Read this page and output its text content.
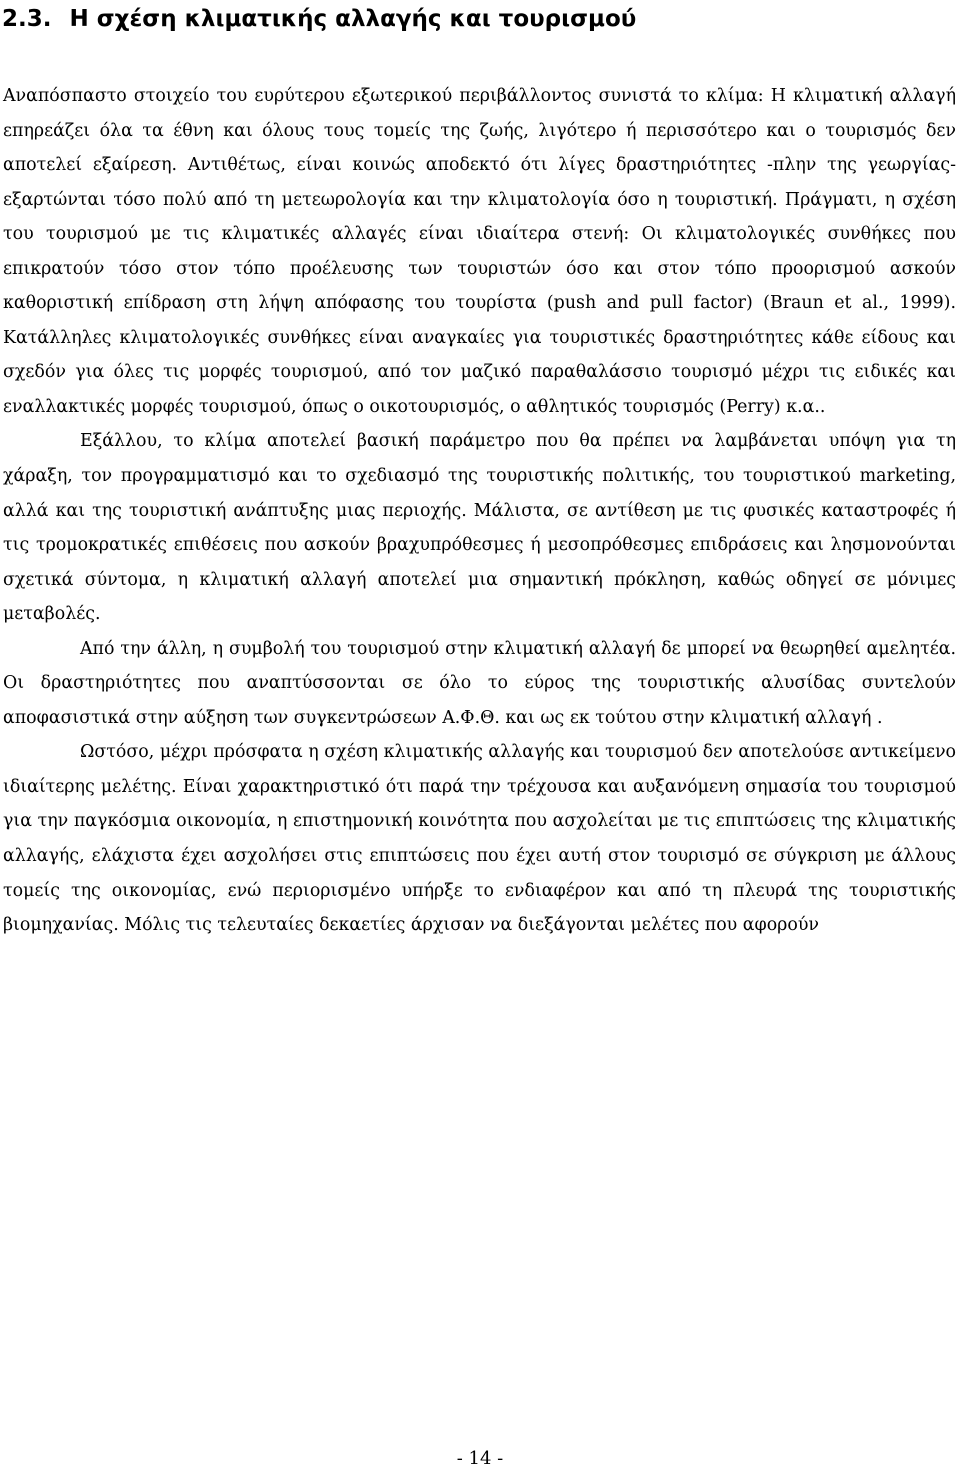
2.3. Η σχέση κλιματικής αλλαγής και τουρισμού

Αναπόσπαστο στοιχείο του ευρύτερου εξωτερικού περιβάλλοντος συνιστά το κλίμα: Η κλιματική αλλαγή επηρεάζει όλα τα έθνη και όλους τους τομείς της ζωής, λιγότερο ή περισσότερο και ο τουρισμός δεν αποτελεί εξαίρεση. Αντιθέτως, είναι κοινώς αποδεκτό ότι λίγες δραστηριότητες -πλην της γεωργίας- εξαρτώνται τόσο πολύ από τη μετεωρολογία και την κλιματολογία όσο η τουριστική. Πράγματι, η σχέση του τουρισμού με τις κλιματικές αλλαγές είναι ιδιαίτερα στενή: Οι κλιματολογικές συνθήκες που επικρατούν τόσο στον τόπο προέλευσης των τουριστών όσο και στον τόπο προορισμού ασκούν καθοριστική επίδραση στη λήψη απόφασης του τουρίστα (push and pull factor) (Braun et al., 1999). Κατάλληλες κλιματολογικές συνθήκες είναι αναγκαίες για τουριστικές δραστηριότητες κάθε είδους και σχεδόν για όλες τις μορφές τουρισμού, από τον μαζικό παραθαλάσσιο τουρισμό μέχρι τις ειδικές και εναλλακτικές μορφές τουρισμού, όπως ο οικοτουρισμός, ο αθλητικός τουρισμός (Perry) κ.α..

Εξάλλου, το κλίμα αποτελεί βασική παράμετρο που θα πρέπει να λαμβάνεται υπόψη για τη χάραξη, τον προγραμματισμό και το σχεδιασμό της τουριστικής πολιτικής, του τουριστικού marketing, αλλά και της τουριστική ανάπτυξης μιας περιοχής. Μάλιστα, σε αντίθεση με τις φυσικές καταστροφές ή τις τρομοκρατικές επιθέσεις που ασκούν βραχυπρόθεσμες ή μεσοπρόθεσμες επιδράσεις και λησμονούνται σχετικά σύντομα, η κλιματική αλλαγή αποτελεί μια σημαντική πρόκληση, καθώς οδηγεί σε μόνιμες μεταβολές.

Από την άλλη, η συμβολή του τουρισμού στην κλιματική αλλαγή δε μπορεί να θεωρηθεί αμελητέα. Οι δραστηριότητες που αναπτύσσονται σε όλο το εύρος της τουριστικής αλυσίδας συντελούν αποφασιστικά στην αύξηση των συγκεντρώσεων Α.Φ.Θ. και ως εκ τούτου στην κλιματική αλλαγή .

Ωστόσο, μέχρι πρόσφατα η σχέση κλιματικής αλλαγής και τουρισμού δεν αποτελούσε αντικείμενο ιδιαίτερης μελέτης. Είναι χαρακτηριστικό ότι παρά την τρέχουσα και αυξανόμενη σημασία του τουρισμού για την παγκόσμια οικονομία, η επιστημονική κοινότητα που ασχολείται με τις επιπτώσεις της κλιματικής αλλαγής, ελάχιστα έχει ασχολήσει στις επιπτώσεις που έχει αυτή στον τουρισμό σε σύγκριση με άλλους τομείς της οικονομίας, ενώ περιορισμένο υπήρξε το ενδιαφέρον και από τη πλευρά της τουριστικής βιομηχανίας. Μόλις τις τελευταίες δεκαετίες άρχισαν να διεξάγονται μελέτες που αφορούν

- 14 -
